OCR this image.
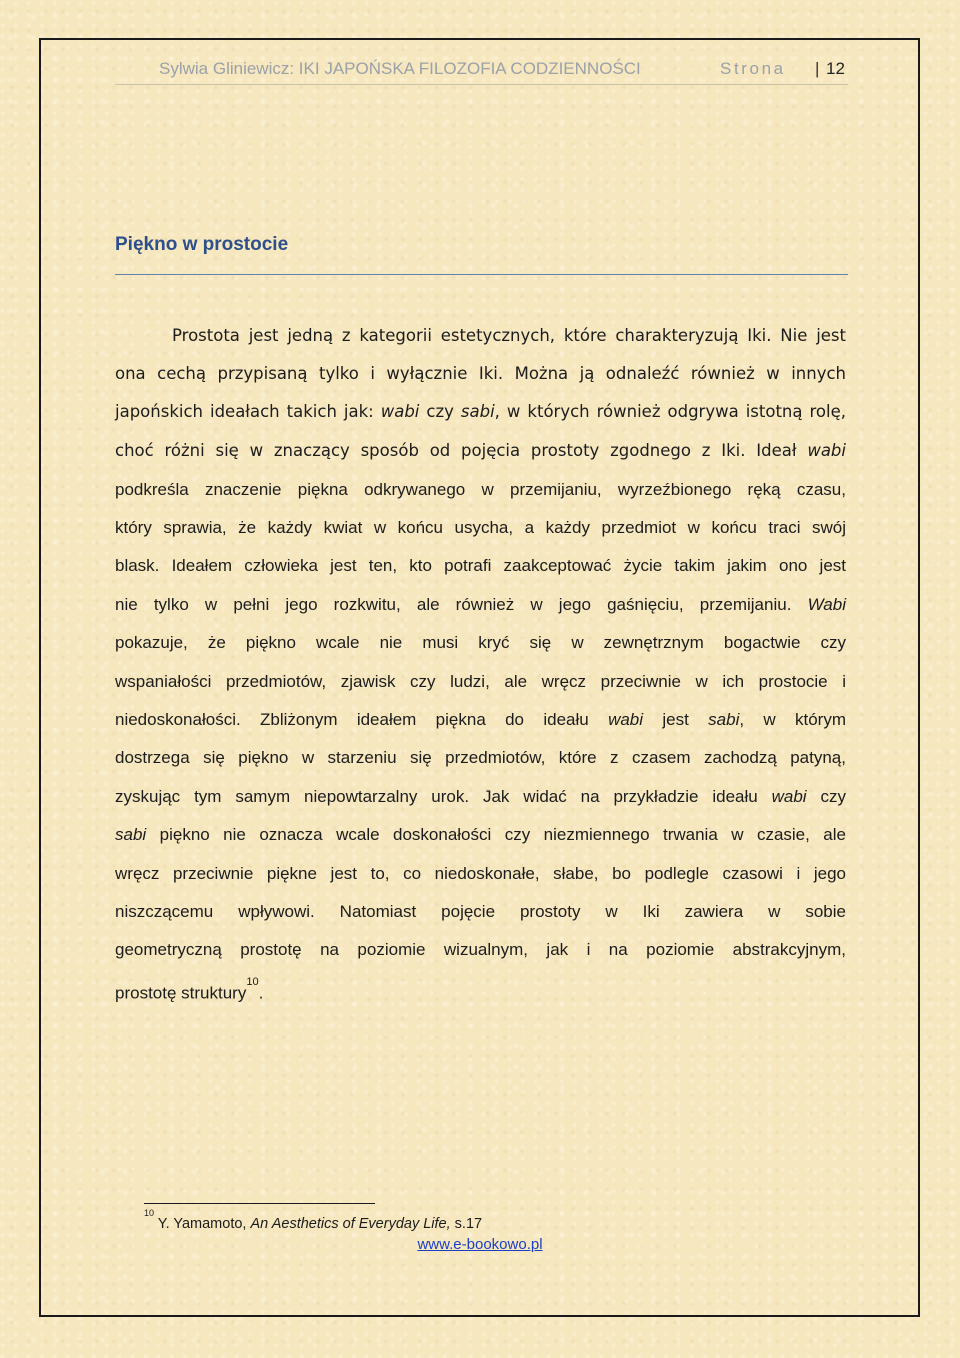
Sylwia Gliniewicz: IKI JAPOŃSKA FILOZOFIA CODZIENNOŚCI	Strona | 12
Piękno w prostocie
Prostota jest jedną z kategorii estetycznych, które charakteryzują Iki. Nie jest
ona cechą przypisaną tylko i wyłącznie Iki. Można ją odnaleźć również w innych
japońskich ideałach takich jak: wabi czy sabi, w których również odgrywa istotną rolę,
choć różni się w znaczący sposób od pojęcia prostoty zgodnego z Iki. Ideał wabi
podkreśla znaczenie piękna odkrywanego w przemijaniu, wyrzeźbionego ręką czasu,
który sprawia, że każdy kwiat w końcu usycha, a każdy przedmiot w końcu traci swój
blask. Ideałem człowieka jest ten, kto potrafi zaakceptować życie takim jakim ono jest
nie tylko w pełni jego rozkwitu, ale również w jego gaśnięciu, przemijaniu. Wabi
pokazuje, że piękno wcale nie musi kryć się w zewnętrznym bogactwie czy
wspaniałości przedmiotów, zjawisk czy ludzi, ale wręcz przeciwnie w ich prostocie i
niedoskonałości. Zbliżonym ideałem piękna do ideału wabi jest sabi, w którym
dostrzega się piękno w starzeniu się przedmiotów, które z czasem zachodzą patyną,
zyskując tym samym niepowtarzalny urok. Jak widać na przykładzie ideału wabi czy
sabi piękno nie oznacza wcale doskonałości czy niezmiennego trwania w czasie, ale
wręcz przeciwnie piękne jest to, co niedoskonałe, słabe, bo podlegle czasowi i jego
niszczącemu wpływowi. Natomiast pojęcie prostoty w Iki zawiera w sobie
geometryczną prostotę na poziomie wizualnym, jak i na poziomie abstrakcyjnym,
prostotę struktury$^{10}$.
$^{10}$ Y. Yamamoto, An Aesthetics of Everyday Life, s.17
www.e-bookowo.pl
